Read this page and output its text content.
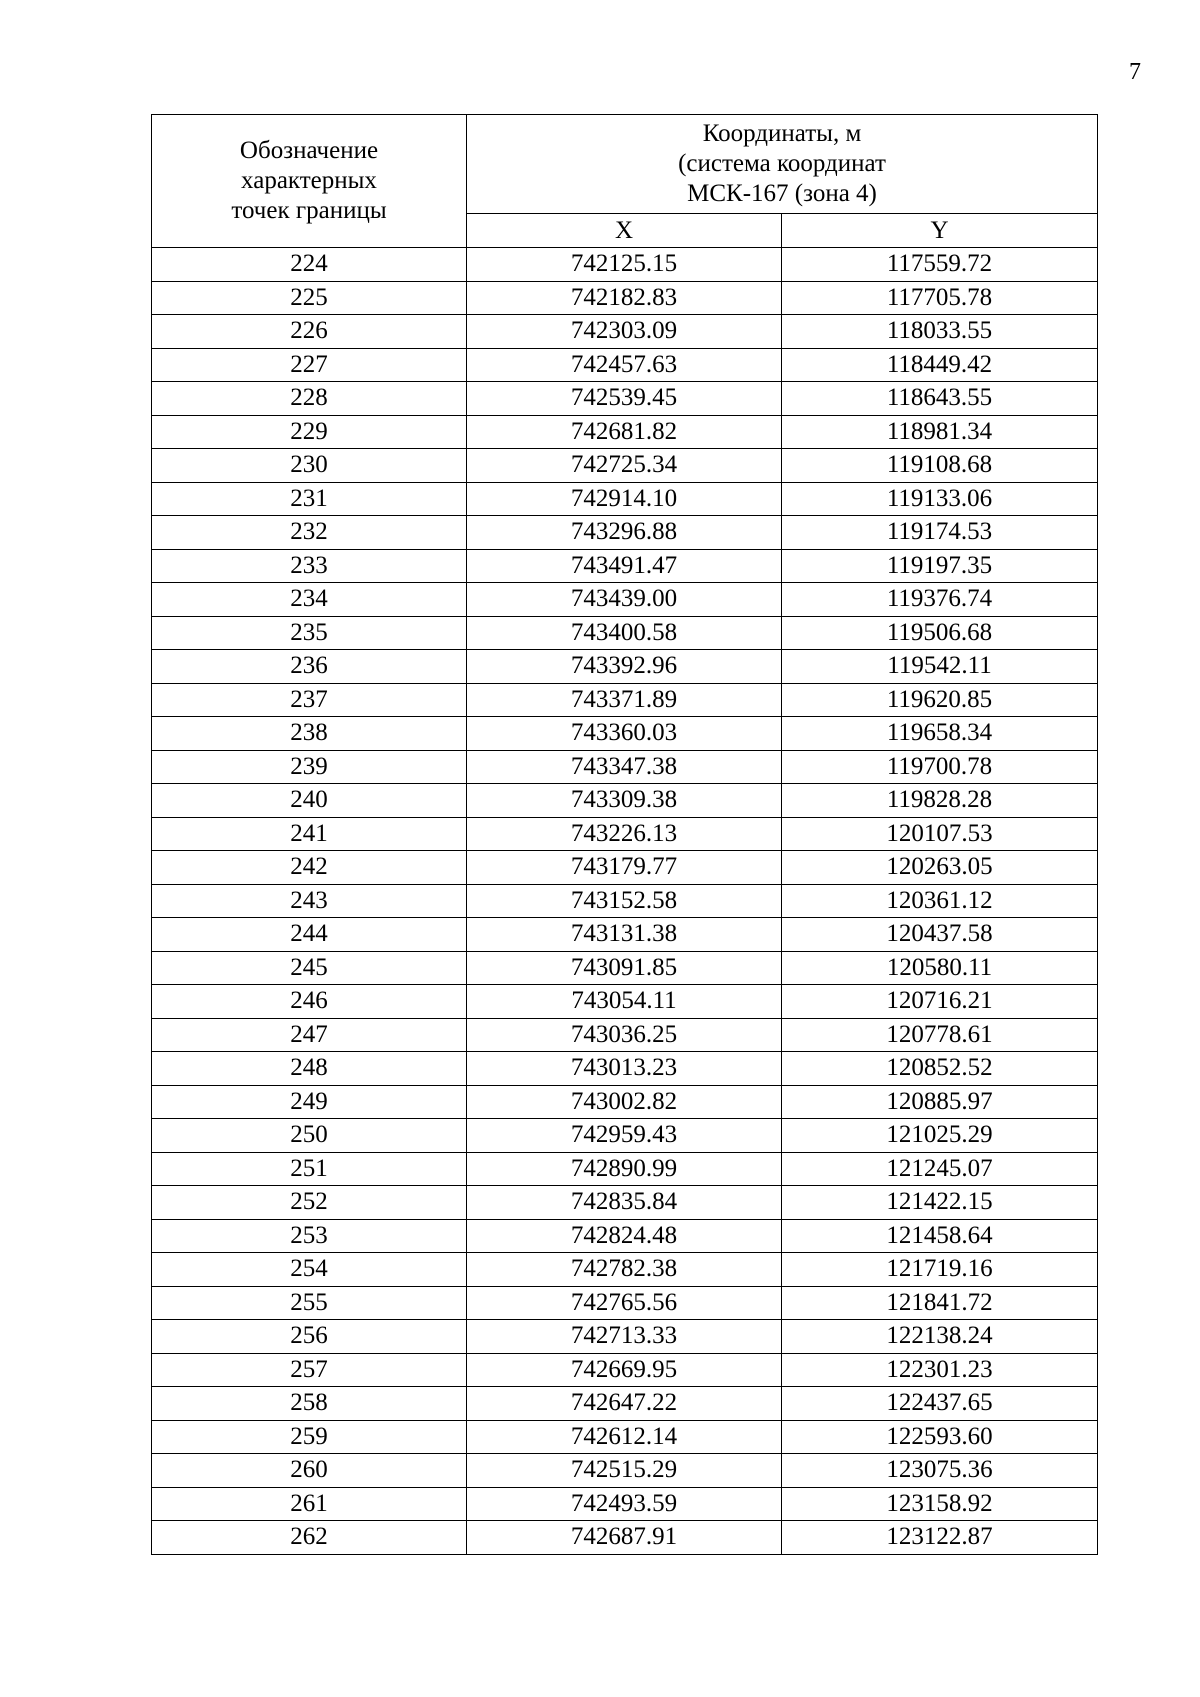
7
Обозначение
характерных
точек границы	Координаты, м
(система координат
МСК-167 (зона 4)	

	X	Y
224	742125.15	117559.72
225	742182.83	117705.78
226	742303.09	118033.55
227	742457.63	118449.42
228	742539.45	118643.55
229	742681.82	118981.34
230	742725.34	119108.68
231	742914.10	119133.06
232	743296.88	119174.53
233	743491.47	119197.35
234	743439.00	119376.74
235	743400.58	119506.68
236	743392.96	119542.11
237	743371.89	119620.85
238	743360.03	119658.34
239	743347.38	119700.78
240	743309.38	119828.28
241	743226.13	120107.53
242	743179.77	120263.05
243	743152.58	120361.12
244	743131.38	120437.58
245	743091.85	120580.11
246	743054.11	120716.21
247	743036.25	120778.61
248	743013.23	120852.52
249	743002.82	120885.97
250	742959.43	121025.29
251	742890.99	121245.07
252	742835.84	121422.15
253	742824.48	121458.64
254	742782.38	121719.16
255	742765.56	121841.72
256	742713.33	122138.24
257	742669.95	122301.23
258	742647.22	122437.65
259	742612.14	122593.60
260	742515.29	123075.36
261	742493.59	123158.92
262	742687.91	123122.87
